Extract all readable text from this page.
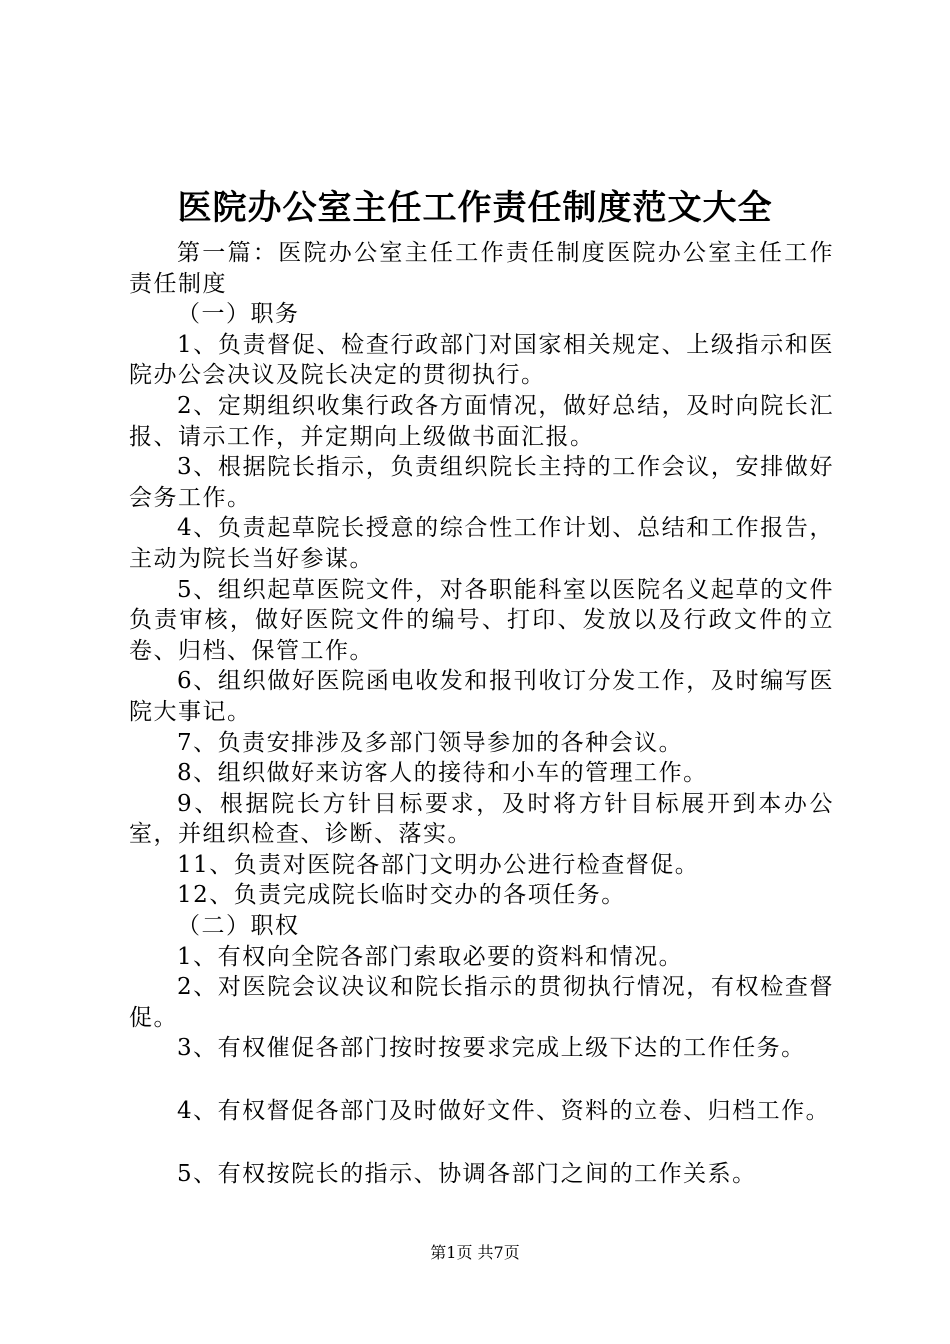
医院办公室主任工作责任制度范文大全

第一篇：医院办公室主任工作责任制度医院办公室主任工作责任制度

（一）职务

1、负责督促、检查行政部门对国家相关规定、上级指示和医院办公会决议及院长决定的贯彻执行。

2、定期组织收集行政各方面情况，做好总结，及时向院长汇报、请示工作，并定期向上级做书面汇报。

3、根据院长指示，负责组织院长主持的工作会议，安排做好会务工作。

4、负责起草院长授意的综合性工作计划、总结和工作报告，主动为院长当好参谋。

5、组织起草医院文件，对各职能科室以医院名义起草的文件负责审核，做好医院文件的编号、打印、发放以及行政文件的立卷、归档、保管工作。

6、组织做好医院函电收发和报刊收订分发工作，及时编写医院大事记。

7、负责安排涉及多部门领导参加的各种会议。

8、组织做好来访客人的接待和小车的管理工作。

9、根据院长方针目标要求，及时将方针目标展开到本办公室，并组织检查、诊断、落实。

11、负责对医院各部门文明办公进行检查督促。

12、负责完成院长临时交办的各项任务。

（二）职权

1、有权向全院各部门索取必要的资料和情况。

2、对医院会议决议和院长指示的贯彻执行情况，有权检查督促。

3、有权催促各部门按时按要求完成上级下达的工作任务。

4、有权督促各部门及时做好文件、资料的立卷、归档工作。

5、有权按院长的指示、协调各部门之间的工作关系。

第1页 共7页
